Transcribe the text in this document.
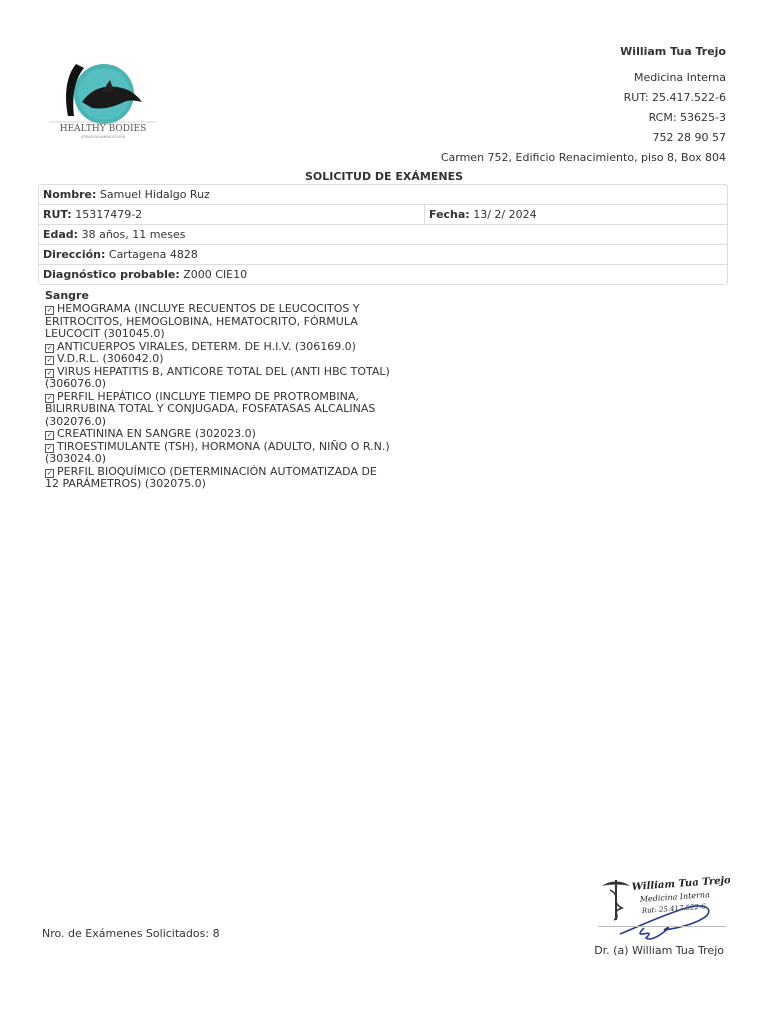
HEALTHY BODIES
ATENCIÓN AMBULATORIA
William Tua Trejo
Medicina Interna
RUT: 25.417.522-6
RCM: 53625-3
752 28 90 57
Carmen 752, Edificio Renacimiento, piso 8, Box 804
SOLICITUD DE EXÁMENES
Nombre: Samuel Hidalgo Ruz
RUT: 15317479-2	Fecha: 13/ 2/ 2024
Edad: 38 años, 11 meses
Dirección: Cartagena 4828
Diagnóstico probable: Z000 CIE10
Sangre
✓ HEMOGRAMA (INCLUYE RECUENTOS DE LEUCOCITOS Y ERITROCITOS, HEMOGLOBINA, HEMATOCRITO, FÓRMULA LEUCOCIT (301045.0)
✓ ANTICUERPOS VIRALES, DETERM. DE H.I.V. (306169.0)
✓ V.D.R.L. (306042.0)
✓ VIRUS HEPATITIS B, ANTICORE TOTAL DEL (ANTI HBC TOTAL) (306076.0)
✓ PERFIL HEPÁTICO (INCLUYE TIEMPO DE PROTROMBINA, BILIRRUBINA TOTAL Y CONJUGADA, FOSFATASAS ALCALINAS (302076.0)
✓ CREATININA EN SANGRE (302023.0)
✓ TIROESTIMULANTE (TSH), HORMONA (ADULTO, NIÑO O R.N.) (303024.0)
✓ PERFIL BIOQUÍMICO (DETERMINACIÓN AUTOMATIZADA DE 12 PARÁMETROS) (302075.0)
Nro. de Exámenes Solicitados: 8
William Tua Trejo
Medicina Interna
Rut: 25.417.522-6
Dr. (a) William Tua Trejo
